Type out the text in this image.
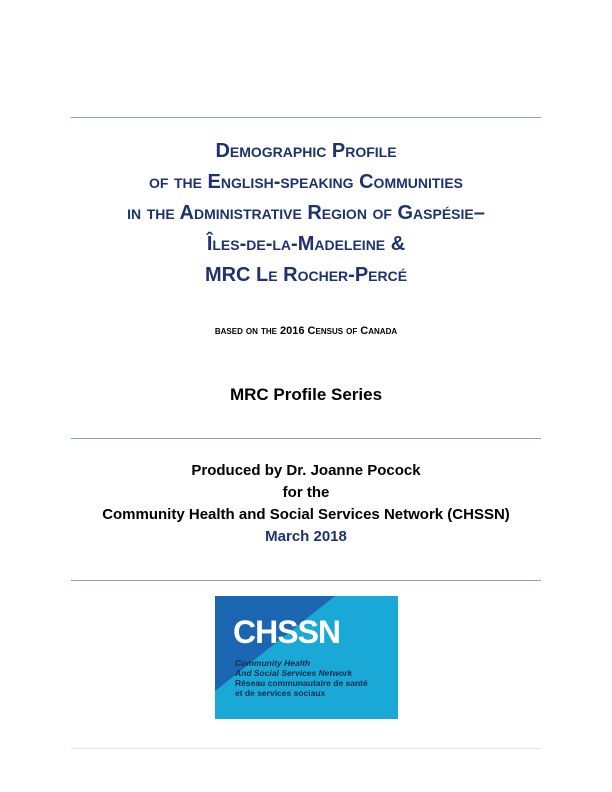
Demographic Profile
of the English-speaking Communities
in the Administrative Region of Gaspésie–
Îles-de-la-Madeleine &
MRC Le Rocher-Percé
based on the 2016 Census of Canada
MRC Profile Series
Produced by Dr. Joanne Pocock
for the
Community Health and Social Services Network (CHSSN)
March 2018
CHSSN
Community Health
And Social Services Network
Réseau communautaire de santé
et de services sociaux
